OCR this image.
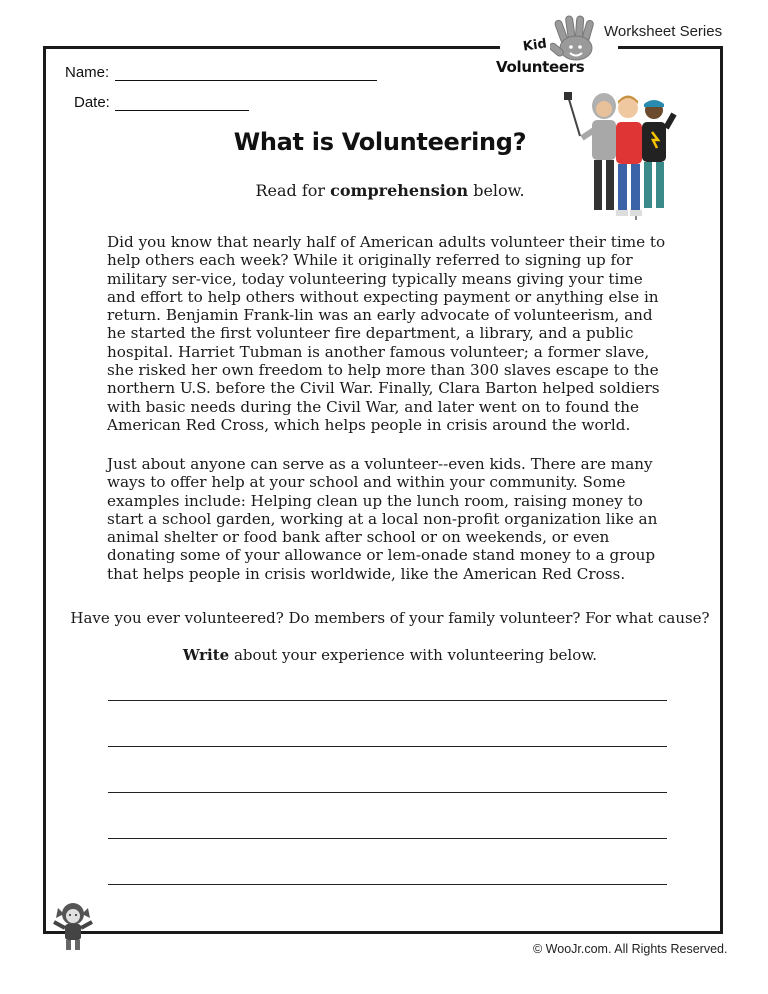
Worksheet Series
Kid
Volunteers
Name:
Date:
What is Volunteering?
Read for comprehension below.

Did you know that nearly half of American adults volunteer their time to help others each week? While it originally referred to signing up for military ser-vice, today volunteering typically means giving your time and effort to help others without expecting payment or anything else in return. Benjamin Frank-lin was an early advocate of volunteerism, and he started the first volunteer fire department, a library, and a public hospital. Harriet Tubman is another famous volunteer; a former slave, she risked her own freedom to help more than 300 slaves escape to the northern U.S. before the Civil War. Finally, Clara Barton helped soldiers with basic needs during the Civil War, and later went on to found the American Red Cross, which helps people in crisis around the world.

Just about anyone can serve as a volunteer--even kids. There are many ways to offer help at your school and within your community. Some examples include: Helping clean up the lunch room, raising money to start a school garden, working at a local non-profit organization like an animal shelter or food bank after school or on weekends, or even donating some of your allowance or lem-onade stand money to a group that helps people in crisis worldwide, like the American Red Cross.

Have you ever volunteered? Do members of your family volunteer? For what cause?
Write about your experience with volunteering below.
© WooJr.com. All Rights Reserved.
